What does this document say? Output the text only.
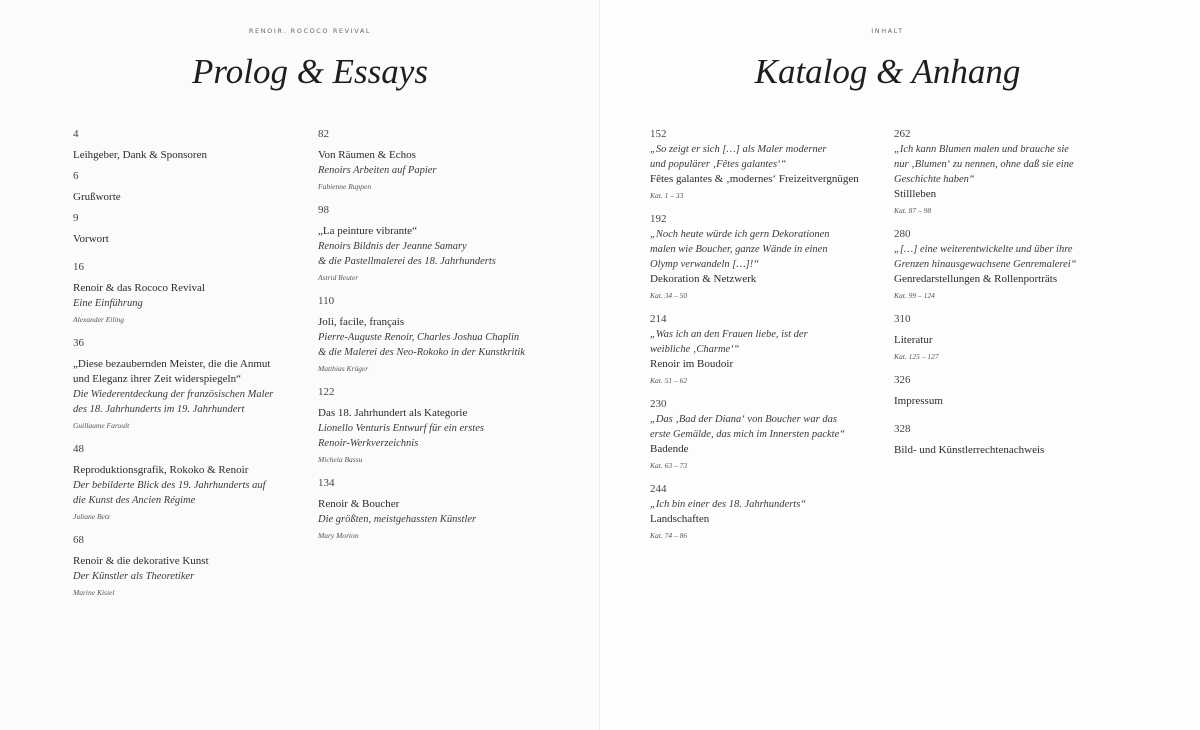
RENOIR. ROCOCO REVIVAL
Prolog & Essays
4
Leihgeber, Dank & Sponsoren
6
Grußworte
9
Vorwort
16
Renoir & das Rococo Revival
Eine Einführung
Alexander Eiling
36
„Diese bezaubernden Meister, die die Anmut
und Eleganz ihrer Zeit widerspiegeln“
Die Wiederentdeckung der französischen Maler
des 18. Jahrhunderts im 19. Jahrhundert
Guillaume Faroult
48
Reproduktionsgrafik, Rokoko & Renoir
Der bebilderte Blick des 19. Jahrhunderts auf
die Kunst des Ancien Régime
Juliane Betz
68
Renoir & die dekorative Kunst
Der Künstler als Theoretiker
Marine Kisiel
82
Von Räumen & Echos
Renoirs Arbeiten auf Papier
Fabienne Ruppen
98
„La peinture vibrante“
Renoirs Bildnis der Jeanne Samary
& die Pastellmalerei des 18. Jahrhunderts
Astrid Reuter
110
Joli, facile, français
Pierre-Auguste Renoir, Charles Joshua Chaplin
& die Malerei des Neo-Rokoko in der Kunstkritik
Matthias Krüger
122
Das 18. Jahrhundert als Kategorie
Lionello Venturis Entwurf für ein erstes
Renoir-Werkverzeichnis
Michela Bassu
134
Renoir & Boucher
Die größten, meistgehassten Künstler
Mary Morton
INHALT
Katalog & Anhang
152
„So zeigt er sich […] als Maler moderner
und populärer ‚Fêtes galantes‘“
Fêtes galantes & ‚modernes‘ Freizeitvergnügen
Kat. 1 – 33
192
„Noch heute würde ich gern Dekorationen
malen wie Boucher, ganze Wände in einen
Olymp verwandeln […]!“
Dekoration & Netzwerk
Kat. 34 – 50
214
„Was ich an den Frauen liebe, ist der
weibliche ‚Charme‘“
Renoir im Boudoir
Kat. 51 – 62
230
„Das ‚Bad der Diana‘ von Boucher war das
erste Gemälde, das mich im Innersten packte“
Badende
Kat. 63 – 73
244
„Ich bin einer des 18. Jahrhunderts“
Landschaften
Kat. 74 – 86
262
„Ich kann Blumen malen und brauche sie
nur ‚Blumen‘ zu nennen, ohne daß sie eine
Geschichte haben“
Stillleben
Kat. 87 – 98
280
„[…] eine weiterentwickelte und über ihre
Grenzen hinausgewachsene Genremalerei“
Genredarstellungen & Rollenporträts
Kat. 99 – 124
310
Literatur
Kat. 125 – 127
326
Impressum
328
Bild- und Künstlerrechtenachweis
